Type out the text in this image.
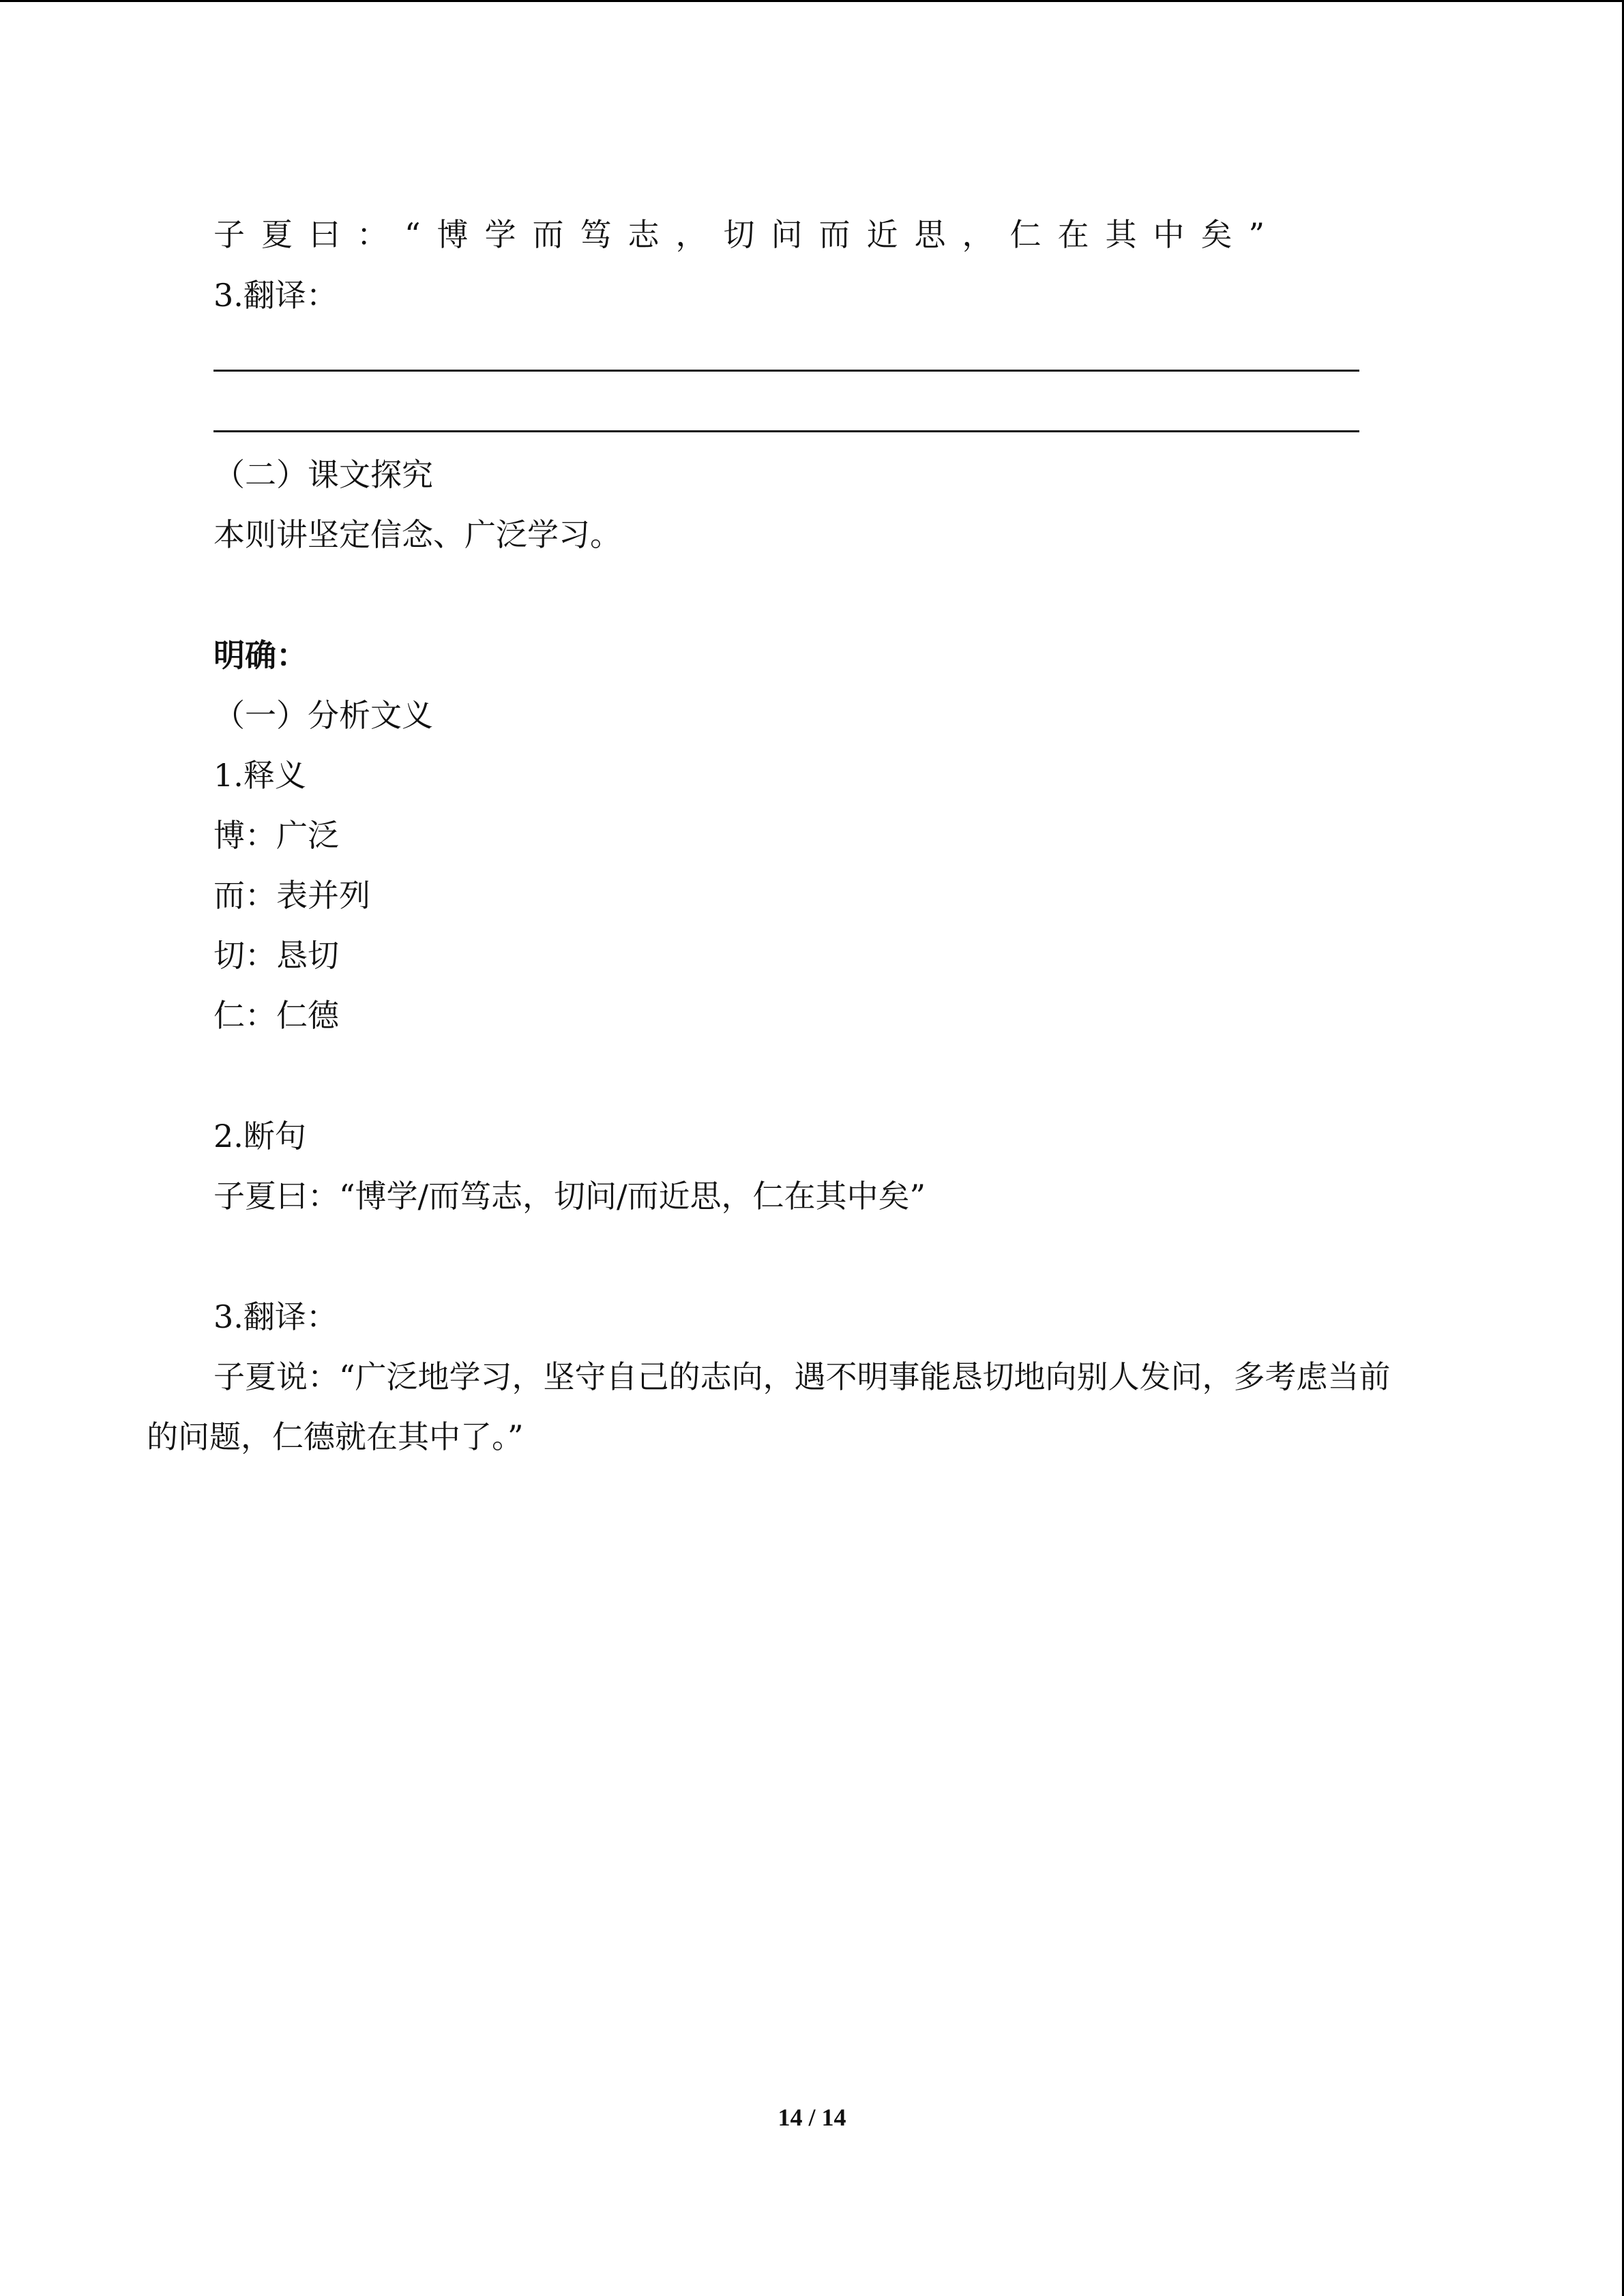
子夏曰：“博学而笃志，切问而近思，仁在其中矣”

3.翻译：

（二）课文探究

本则讲坚定信念、广泛学习。

明确：

（一）分析文义

1.释义

博：广泛

而：表并列

切：恳切

仁：仁德

2.断句

子夏曰：“博学/而笃志，切问/而近思，仁在其中矣”

3.翻译：

子夏说：“广泛地学习，坚守自己的志向，遇不明事能恳切地向别人发问，多考虑当前

的问题，仁德就在其中了。”

14 / 14
